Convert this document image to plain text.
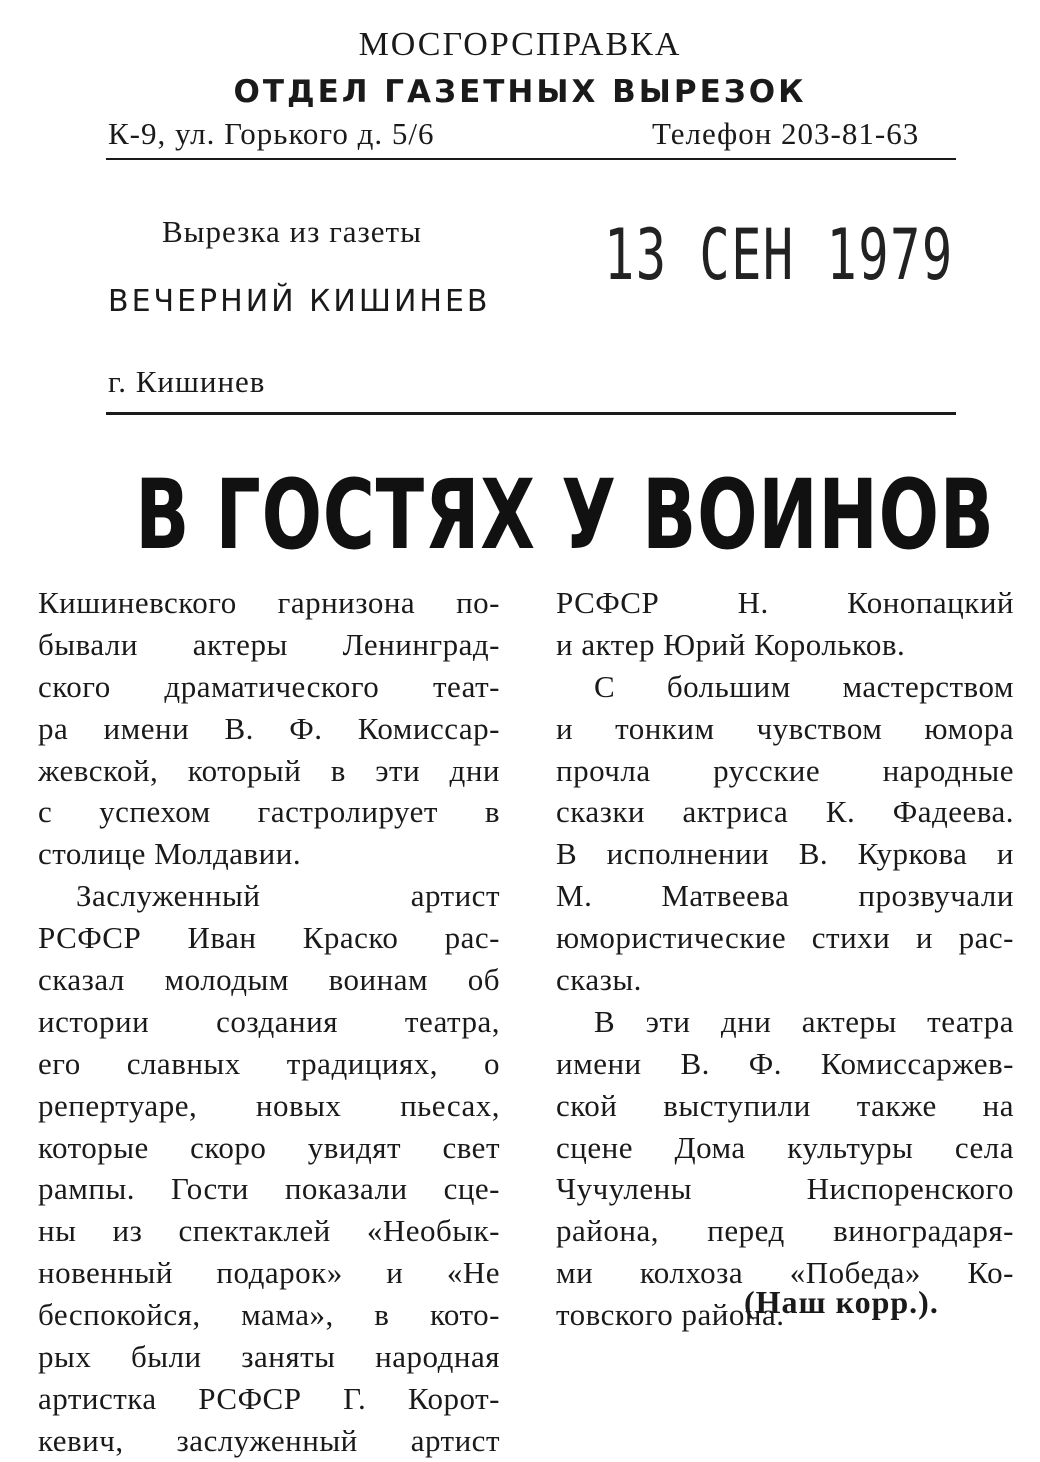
МОСГОРСПРАВКА
ОТДЕЛ ГАЗЕТНЫХ ВЫРЕЗОК
К-9, ул. Горького д. 5/6	Телефон 203-81-63
Вырезка из газеты
ВЕЧЕРНИЙ КИШИНЕВ
13 СЕН 1979
г. Кишинев
В ГОСТЯХ У ВОИНОВ
Кишиневского гарнизона по-
бывали актеры Ленинград-
ского драматического теат-
ра имени В. Ф. Комиссар-
жевской, который в эти дни
с успехом гастролирует в
столице Молдавии.
Заслуженный артист
РСФСР Иван Краско рас-
сказал молодым воинам об
истории создания театра,
его славных традициях, о
репертуаре, новых пьесах,
которые скоро увидят свет
рампы. Гости показали сце-
ны из спектаклей «Необык-
новенный подарок» и «Не
беспокойся, мама», в кото-
рых были заняты народная
артистка РСФСР Г. Корот-
кевич, заслуженный артист
РСФСР Н. Конопацкий
и актер Юрий Корольков.
С большим мастерством
и тонким чувством юмора
прочла русские народные
сказки актриса К. Фадеева.
В исполнении В. Куркова и
М. Матвеева прозвучали
юмористические стихи и рас-
сказы.
В эти дни актеры театра
имени В. Ф. Комиссаржев-
ской выступили также на
сцене Дома культуры села
Чучулены Ниспоренского
района, перед виноградаря-
ми колхоза «Победа» Ко-
товского района.
(Наш корр.).
